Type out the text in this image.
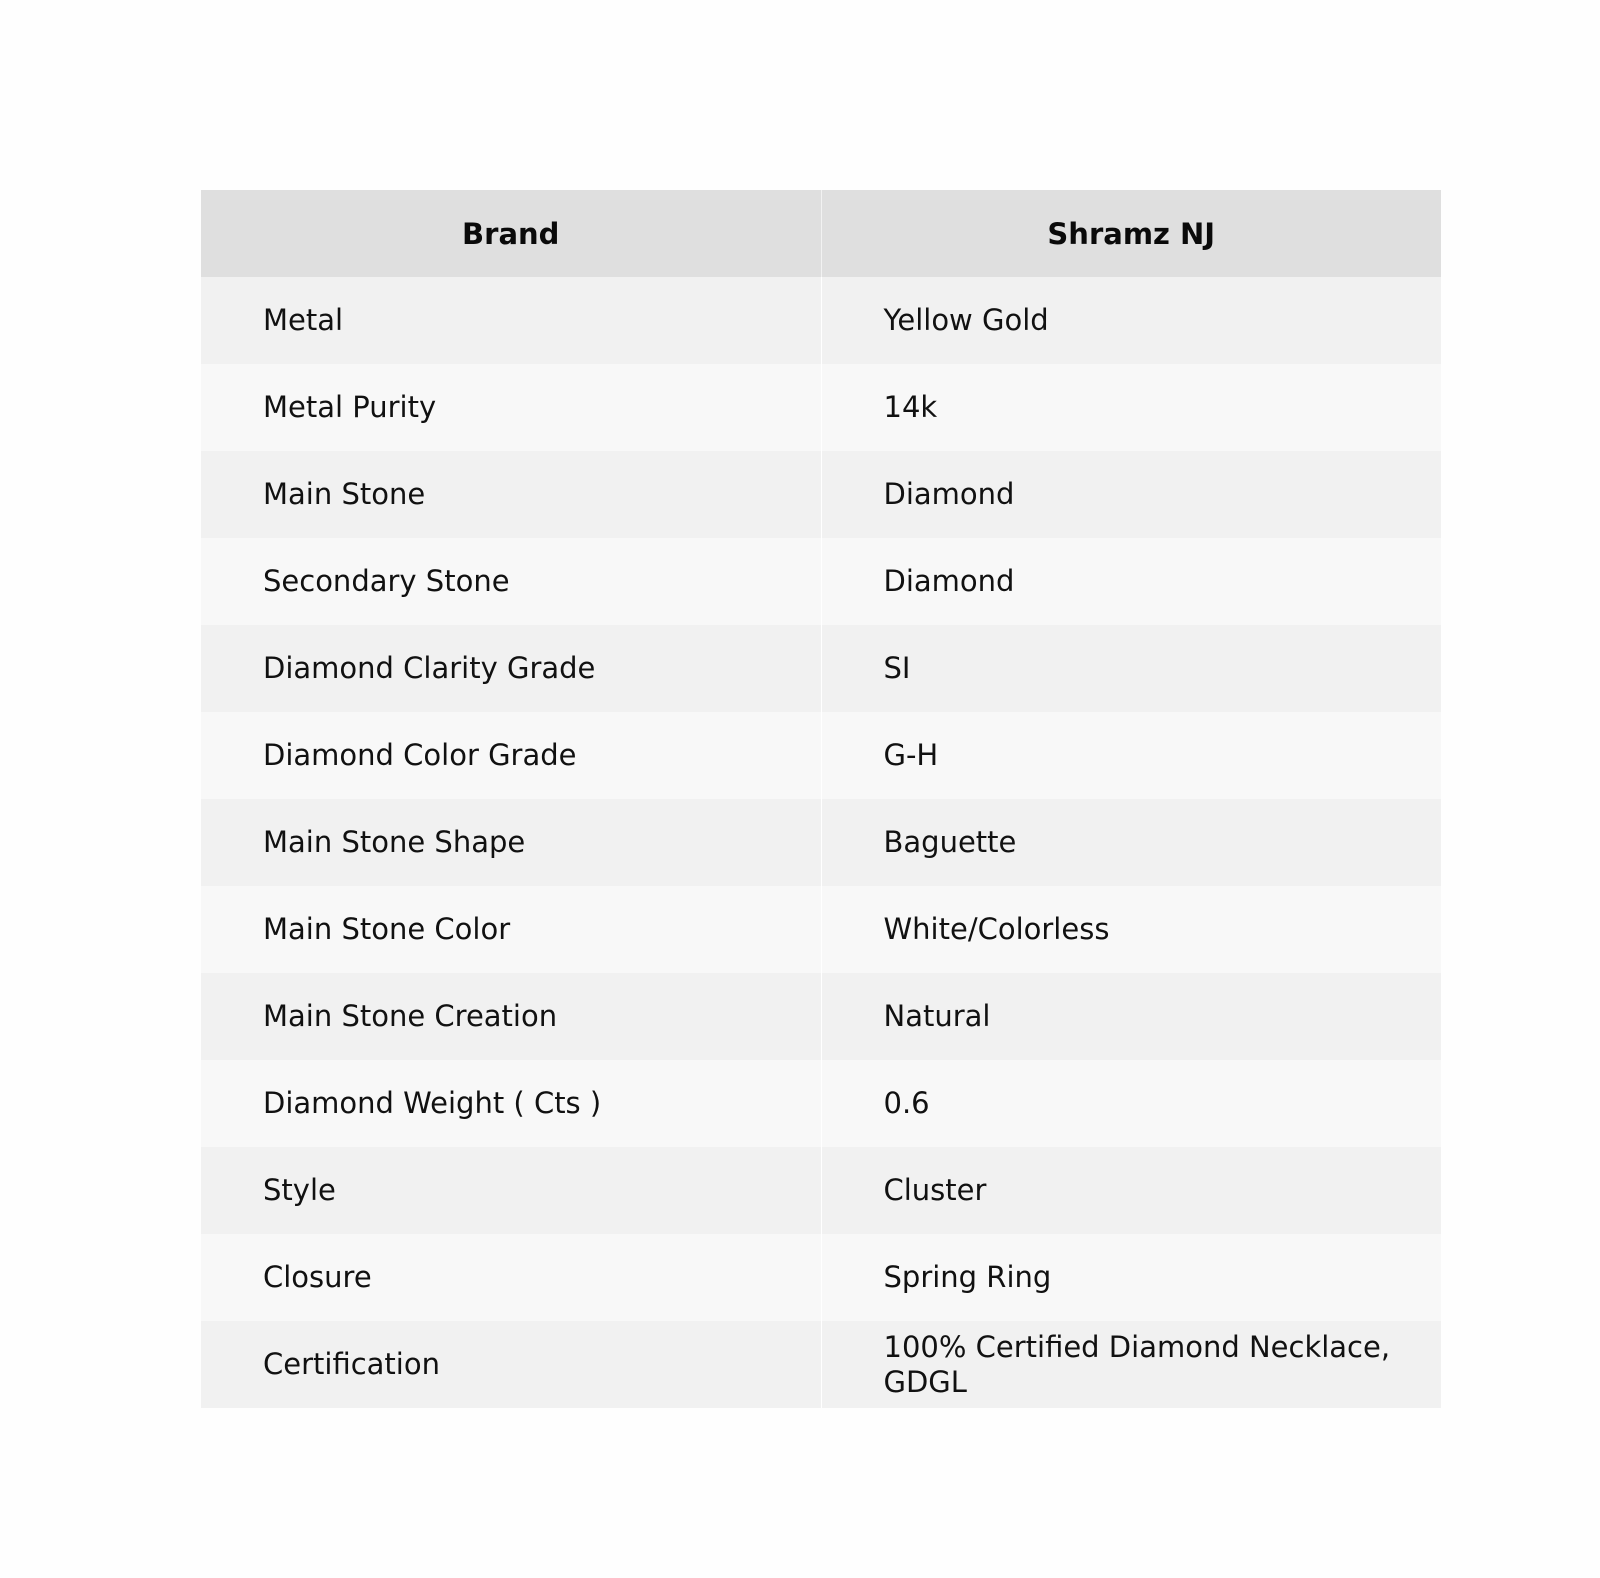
Brand	Shramz NJ
Metal	Yellow Gold
Metal Purity	14k
Main Stone	Diamond
Secondary Stone	Diamond
Diamond Clarity Grade	SI
Diamond Color Grade	G-H
Main Stone Shape	Baguette
Main Stone Color	White/Colorless
Main Stone Creation	Natural
Diamond Weight ( Cts )	0.6
Style	Cluster
Closure	Spring Ring
Certification	100% Certified Diamond Necklace, GDGL
